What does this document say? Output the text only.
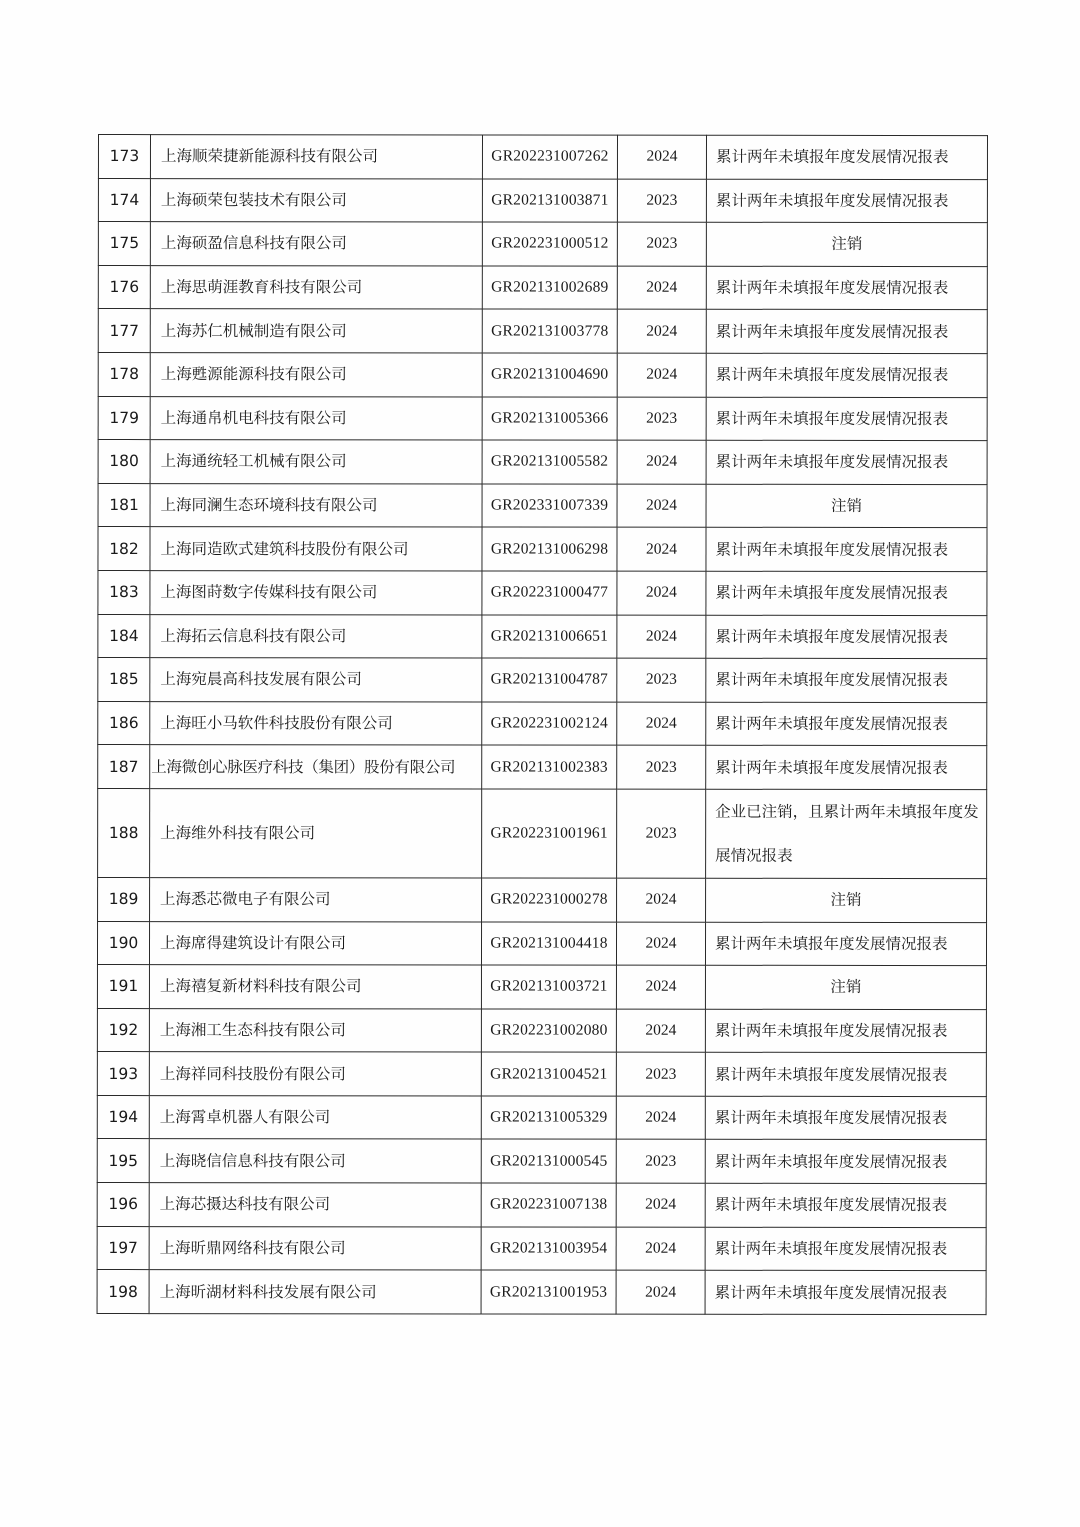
173	上海顺荣捷新能源科技有限公司	GR202231007262	2024	累计两年未填报年度发展情况报表
174	上海硕荣包装技术有限公司	GR202131003871	2023	累计两年未填报年度发展情况报表
175	上海硕盈信息科技有限公司	GR202231000512	2023	注销
176	上海思萌涯教育科技有限公司	GR202131002689	2024	累计两年未填报年度发展情况报表
177	上海苏仁机械制造有限公司	GR202131003778	2024	累计两年未填报年度发展情况报表
178	上海甦源能源科技有限公司	GR202131004690	2024	累计两年未填报年度发展情况报表
179	上海通帛机电科技有限公司	GR202131005366	2023	累计两年未填报年度发展情况报表
180	上海通统轻工机械有限公司	GR202131005582	2024	累计两年未填报年度发展情况报表
181	上海同澜生态环境科技有限公司	GR202331007339	2024	注销
182	上海同造欧式建筑科技股份有限公司	GR202131006298	2024	累计两年未填报年度发展情况报表
183	上海图莳数字传媒科技有限公司	GR202231000477	2024	累计两年未填报年度发展情况报表
184	上海拓云信息科技有限公司	GR202131006651	2024	累计两年未填报年度发展情况报表
185	上海宛晨高科技发展有限公司	GR202131004787	2023	累计两年未填报年度发展情况报表
186	上海旺小马软件科技股份有限公司	GR202231002124	2024	累计两年未填报年度发展情况报表
187	上海微创心脉医疗科技（集团）股份有限公司	GR202131002383	2023	累计两年未填报年度发展情况报表
188	上海维外科技有限公司	GR202231001961	2023	企业已注销，且累计两年未填报年度发展情况报表
189	上海悉芯微电子有限公司	GR202231000278	2024	注销
190	上海席得建筑设计有限公司	GR202131004418	2024	累计两年未填报年度发展情况报表
191	上海禧复新材料科技有限公司	GR202131003721	2024	注销
192	上海湘工生态科技有限公司	GR202231002080	2024	累计两年未填报年度发展情况报表
193	上海祥同科技股份有限公司	GR202131004521	2023	累计两年未填报年度发展情况报表
194	上海霄卓机器人有限公司	GR202131005329	2024	累计两年未填报年度发展情况报表
195	上海晓信信息科技有限公司	GR202131000545	2023	累计两年未填报年度发展情况报表
196	上海芯摄达科技有限公司	GR202231007138	2024	累计两年未填报年度发展情况报表
197	上海昕鼎网络科技有限公司	GR202131003954	2024	累计两年未填报年度发展情况报表
198	上海昕湖材料科技发展有限公司	GR202131001953	2024	累计两年未填报年度发展情况报表
